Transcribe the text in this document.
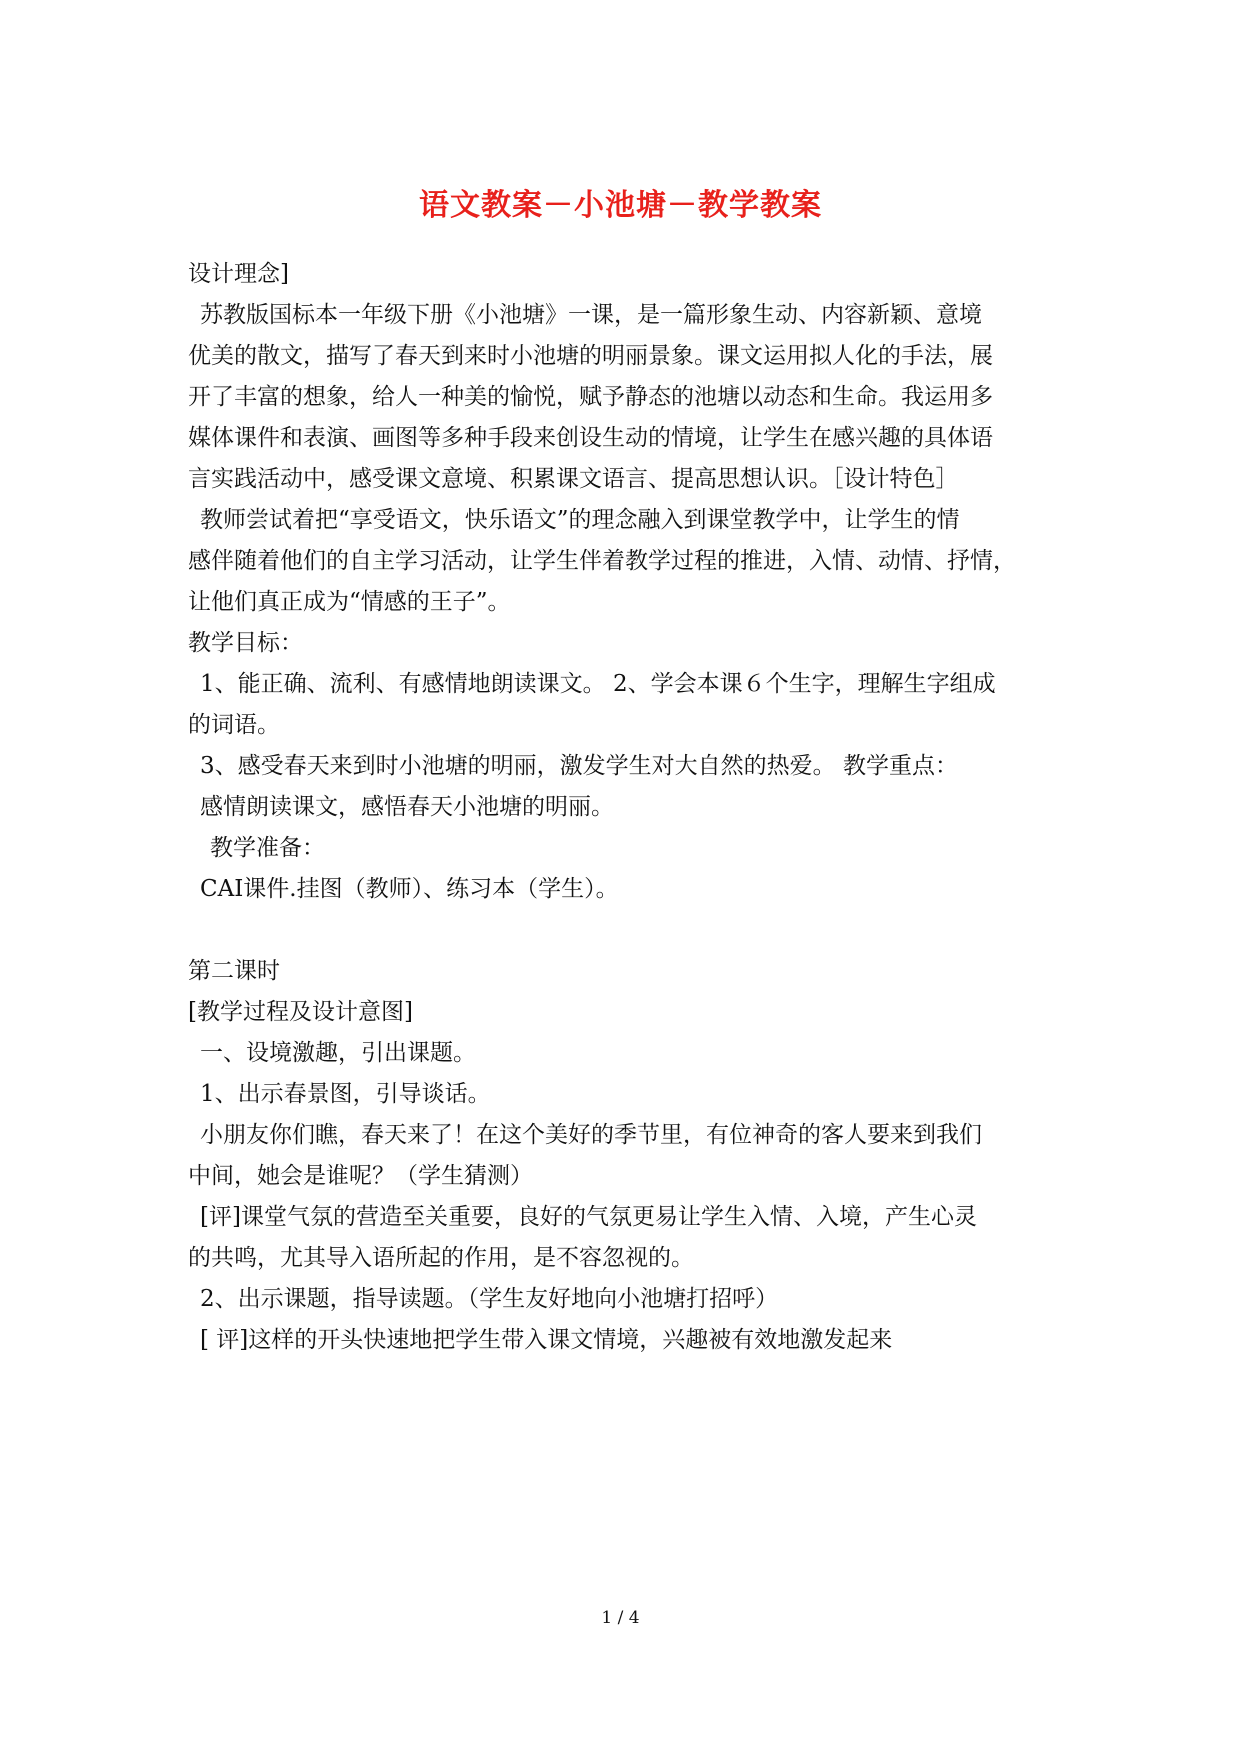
语文教案－小池塘－教学教案
设计理念]
苏教版国标本一年级下册《小池塘》一课，是一篇形象生动、内容新颖、意境
优美的散文，描写了春天到来时小池塘的明丽景象。课文运用拟人化的手法，展
开了丰富的想象，给人一种美的愉悦，赋予静态的池塘以动态和生命。我运用多
媒体课件和表演、画图等多种手段来创设生动的情境，让学生在感兴趣的具体语
言实践活动中，感受课文意境、积累课文语言、提高思想认识。［设计特色］
教师尝试着把“享受语文，快乐语文”的理念融入到课堂教学中，让学生的情
感伴随着他们的自主学习活动，让学生伴着教学过程的推进，入情、动情、抒情，
让他们真正成为“情感的王子”。
教学目标：
1、能正确、流利、有感情地朗读课文。 2、学会本课６个生字，理解生字组成
的词语。
3、感受春天来到时小池塘的明丽，激发学生对大自然的热爱。 教学重点：
感情朗读课文，感悟春天小池塘的明丽。
教学准备：
CAI课件.挂图（教师）、练习本（学生）。
第二课时
[教学过程及设计意图]
一、设境激趣，引出课题。
1、出示春景图，引导谈话。
小朋友你们瞧，春天来了！在这个美好的季节里，有位神奇的客人要来到我们
中间，她会是谁呢？（学生猜测）
[评]课堂气氛的营造至关重要，良好的气氛更易让学生入情、入境，产生心灵
的共鸣，尤其导入语所起的作用，是不容忽视的。
2、出示课题，指导读题。（学生友好地向小池塘打招呼）
[ 评]这样的开头快速地把学生带入课文情境，兴趣被有效地激发起来
1 / 4
